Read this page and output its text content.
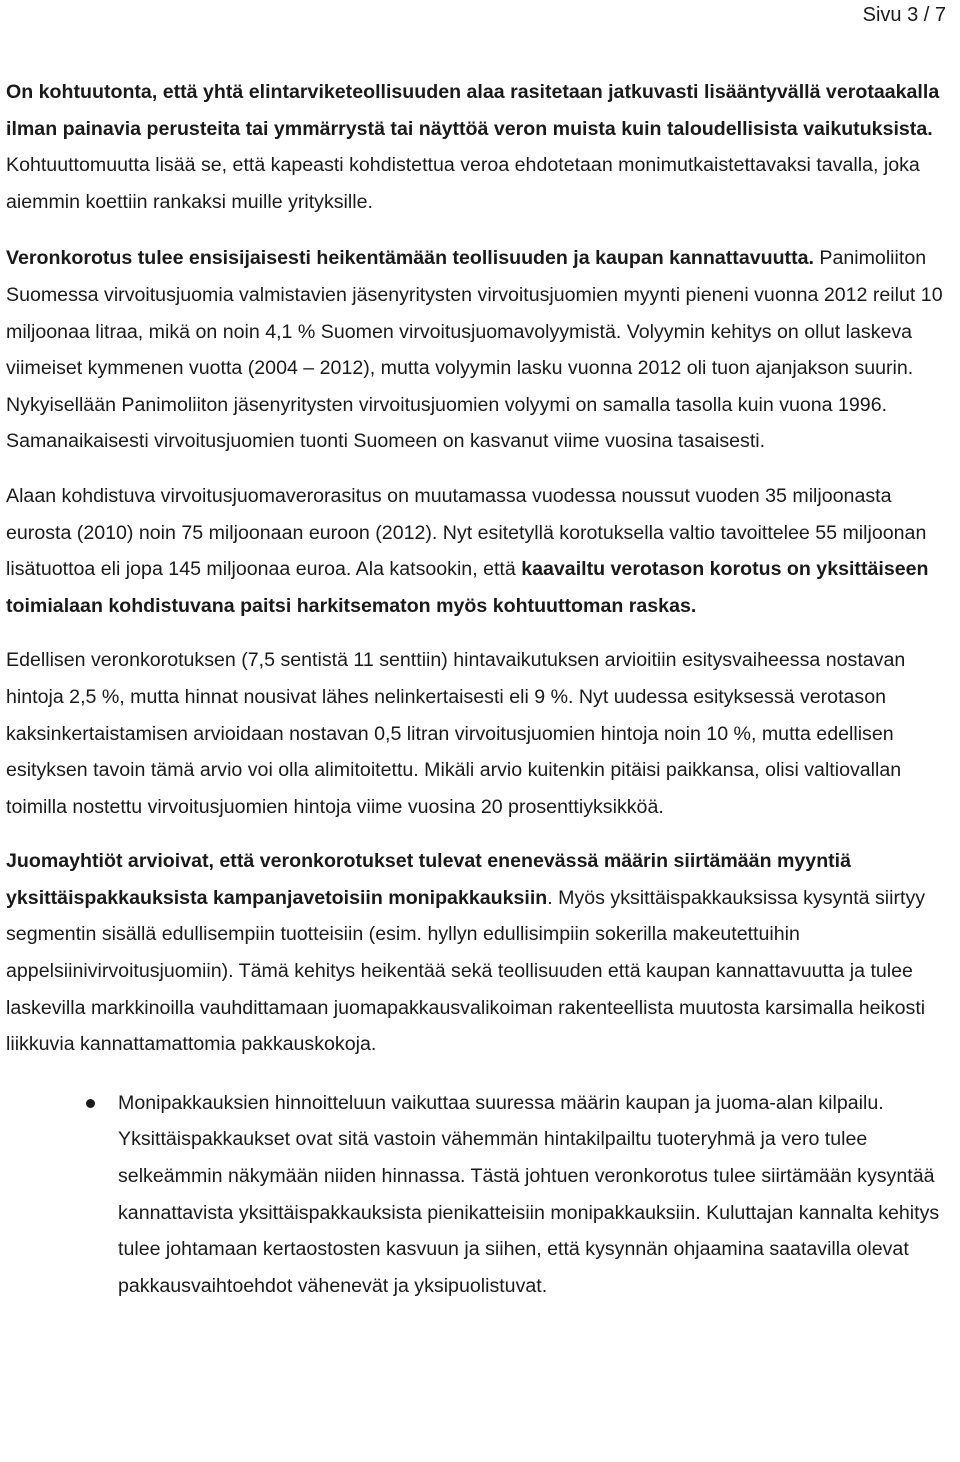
Sivu 3 / 7

On kohtuutonta, että yhtä elintarviketeollisuuden alaa rasitetaan jatkuvasti lisääntyvällä verotaakalla ilman painavia perusteita tai ymmärrystä tai näyttöä veron muista kuin taloudellisista vaikutuksista. Kohtuuttomuutta lisää se, että kapeasti kohdistettua veroa ehdotetaan monimutkaistettavaksi tavalla, joka aiemmin koettiin rankaksi muille yrityksille.

Veronkorotus tulee ensisijaisesti heikentämään teollisuuden ja kaupan kannattavuutta. Panimoliiton Suomessa virvoitusjuomia valmistavien jäsenyritysten virvoitusjuomien myynti pieneni vuonna 2012 reilut 10 miljoonaa litraa, mikä on noin 4,1 % Suomen virvoitusjuomavolyymistä. Volyymin kehitys on ollut laskeva viimeiset kymmenen vuotta (2004 – 2012), mutta volyymin lasku vuonna 2012 oli tuon ajanjakson suurin. Nykyisellään Panimoliiton jäsenyritysten virvoitusjuomien volyymi on samalla tasolla kuin vuona 1996. Samanaikaisesti virvoitusjuomien tuonti Suomeen on kasvanut viime vuosina tasaisesti.

Alaan kohdistuva virvoitusjuomaverorasitus on muutamassa vuodessa noussut vuoden 35 miljoonasta eurosta (2010) noin 75 miljoonaan euroon (2012). Nyt esitetyllä korotuksella valtio tavoittelee 55 miljoonan lisätuottoa eli jopa 145 miljoonaa euroa. Ala katsookin, että kaavailtu verotason korotus on yksittäiseen toimialaan kohdistuvana paitsi harkitsematon myös kohtuuttoman raskas.

Edellisen veronkorotuksen (7,5 sentistä 11 senttiin) hintavaikutuksen arvioitiin esitysvaiheessa nostavan hintoja 2,5 %, mutta hinnat nousivat lähes nelinkertaisesti eli 9 %. Nyt uudessa esityksessä verotason kaksinkertaistamisen arvioidaan nostavan 0,5 litran virvoitusjuomien hintoja noin 10 %, mutta edellisen esityksen tavoin tämä arvio voi olla alimitoitettu. Mikäli arvio kuitenkin pitäisi paikkansa, olisi valtiovallan toimilla nostettu virvoitusjuomien hintoja viime vuosina 20 prosenttiyksikköä.

Juomayhtiöt arvioivat, että veronkorotukset tulevat enenevässä määrin siirtämään myyntiä yksittäispakkauksista kampanjavetoisiin monipakkauksiin. Myös yksittäispakkauksissa kysyntä siirtyy segmentin sisällä edullisempiin tuotteisiin (esim. hyllyn edullisimpiin sokerilla makeutettuihin appelsiinivirvoitusjuomiin). Tämä kehitys heikentää sekä teollisuuden että kaupan kannattavuutta ja tulee laskevilla markkinoilla vauhdittamaan juomapakkausvalikoiman rakenteellista muutosta karsimalla heikosti liikkuvia kannattamattomia pakkauskokoja.

Monipakkauksien hinnoitteluun vaikuttaa suuressa määrin kaupan ja juoma-alan kilpailu. Yksittäispakkaukset ovat sitä vastoin vähemmän hintakilpailtu tuoteryhmä ja vero tulee selkeämmin näkymään niiden hinnassa. Tästä johtuen veronkorotus tulee siirtämään kysyntää kannattavista yksittäispakkauksista pienikatteisiin monipakkauksiin. Kuluttajan kannalta kehitys tulee johtamaan kertaostosten kasvuun ja siihen, että kysynnän ohjaamina saatavilla olevat pakkausvaihtoehdot vähenevät ja yksipuolistuvat.
